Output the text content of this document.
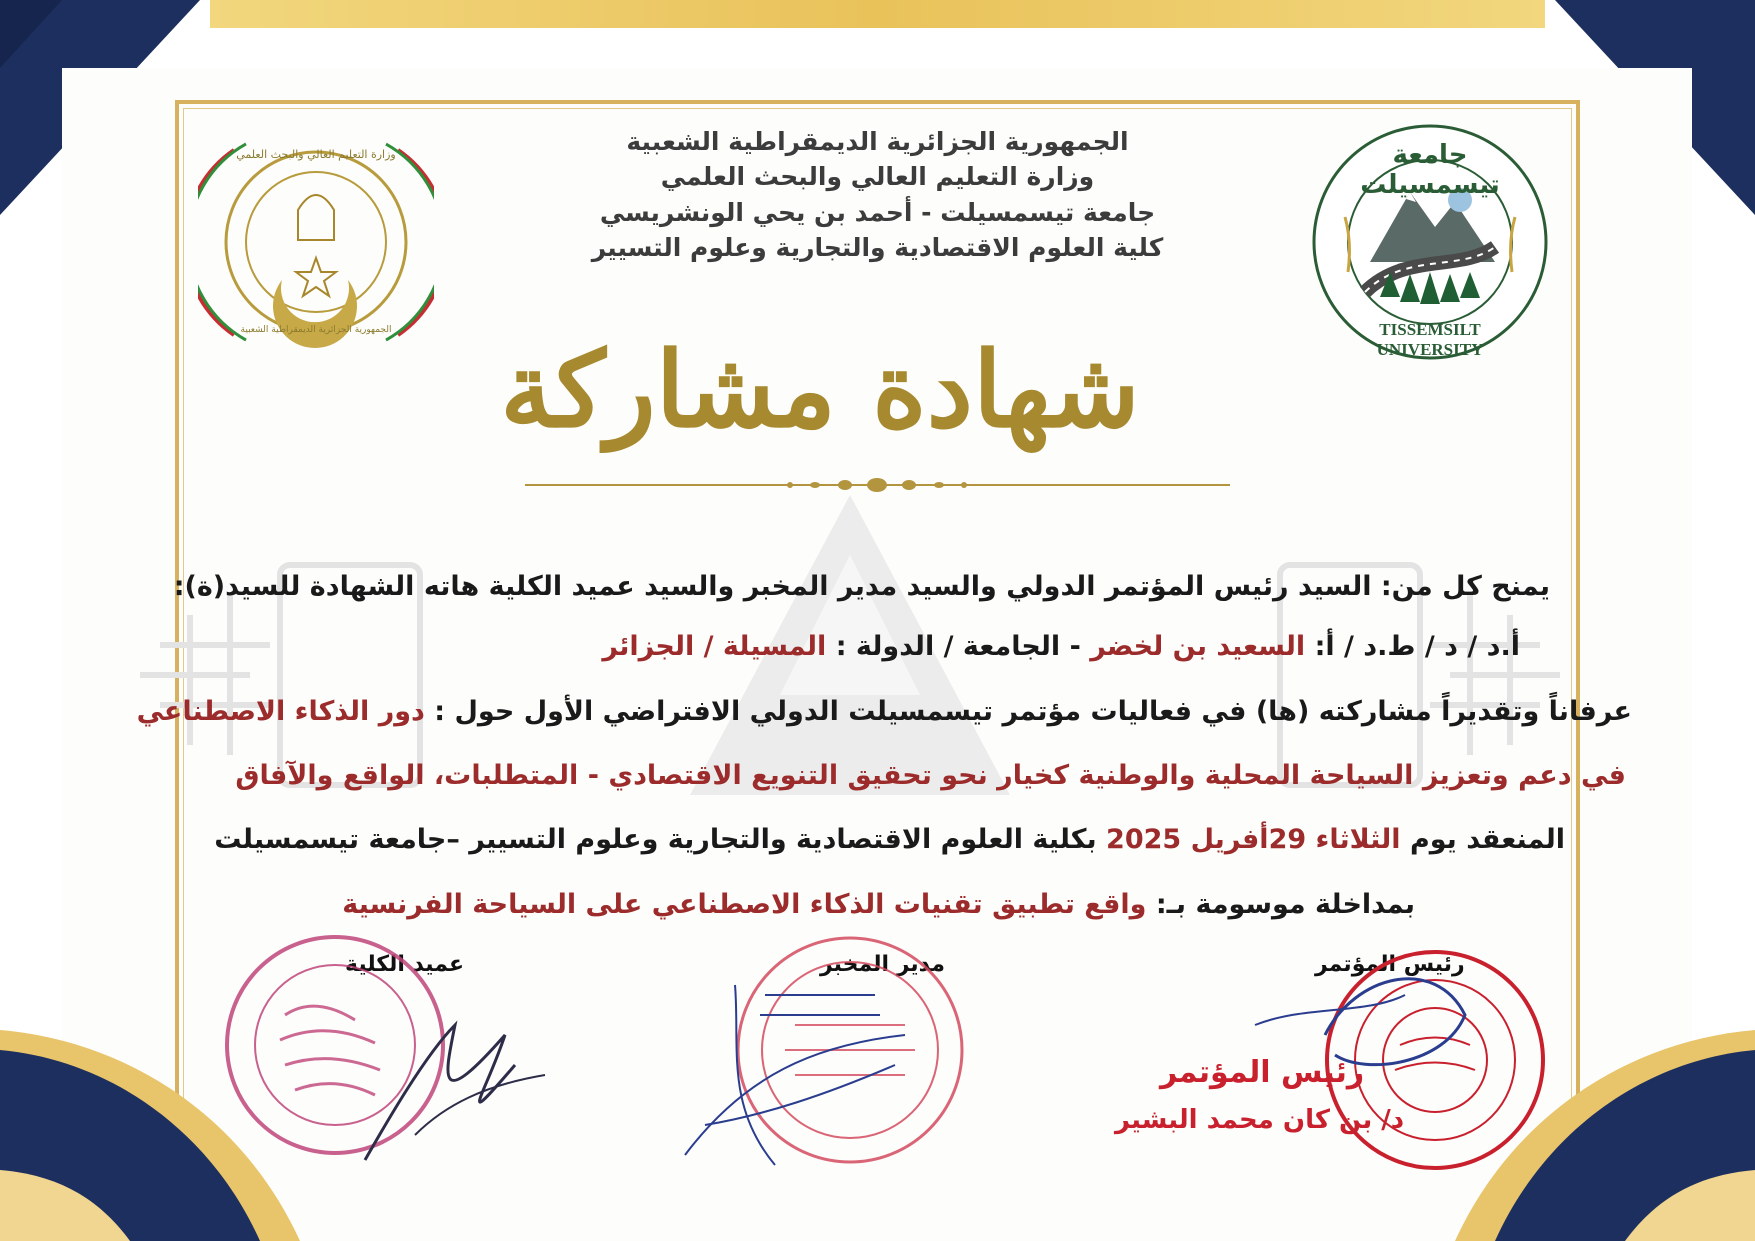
الجمهورية الجزائرية الديمقراطية الشعبية
وزارة التعليم العالي والبحث العلمي
جامعة تيسمسيلت - أحمد بن يحي الونشريسي
كلية العلوم الاقتصادية والتجارية وعلوم التسيير
وزارة التعليم العالي والبحث العلمي
الجمهورية الجزائرية الديمقراطية الشعبية
جامعة تيسمسيلت
TISSEMSILT UNIVERSITY
شهادة مشاركة
يمنح كل من: السيد رئيس المؤتمر الدولي والسيد مدير المخبر والسيد عميد الكلية هاته الشهادة للسيد(ة):
أ.د / د / ط.د / أ: السعيد بن لخضر - الجامعة / الدولة : المسيلة / الجزائر
عرفاناً وتقديراً مشاركته (ها) في فعاليات مؤتمر تيسمسيلت الدولي الافتراضي الأول حول : دور الذكاء الاصطناعي
في دعم وتعزيز السياحة المحلية والوطنية كخيار نحو تحقيق التنويع الاقتصادي - المتطلبات، الواقع والآفاق
المنعقد يوم الثلاثاء 29أفريل 2025 بكلية العلوم الاقتصادية والتجارية وعلوم التسيير –جامعة تيسمسيلت
بمداخلة موسومة بـ: واقع تطبيق تقنيات الذكاء الاصطناعي على السياحة الفرنسية
عميد الكلية	مدير المخبر	رئيس المؤتمر
رئيس المؤتمر
د/ بن كان محمد البشير
